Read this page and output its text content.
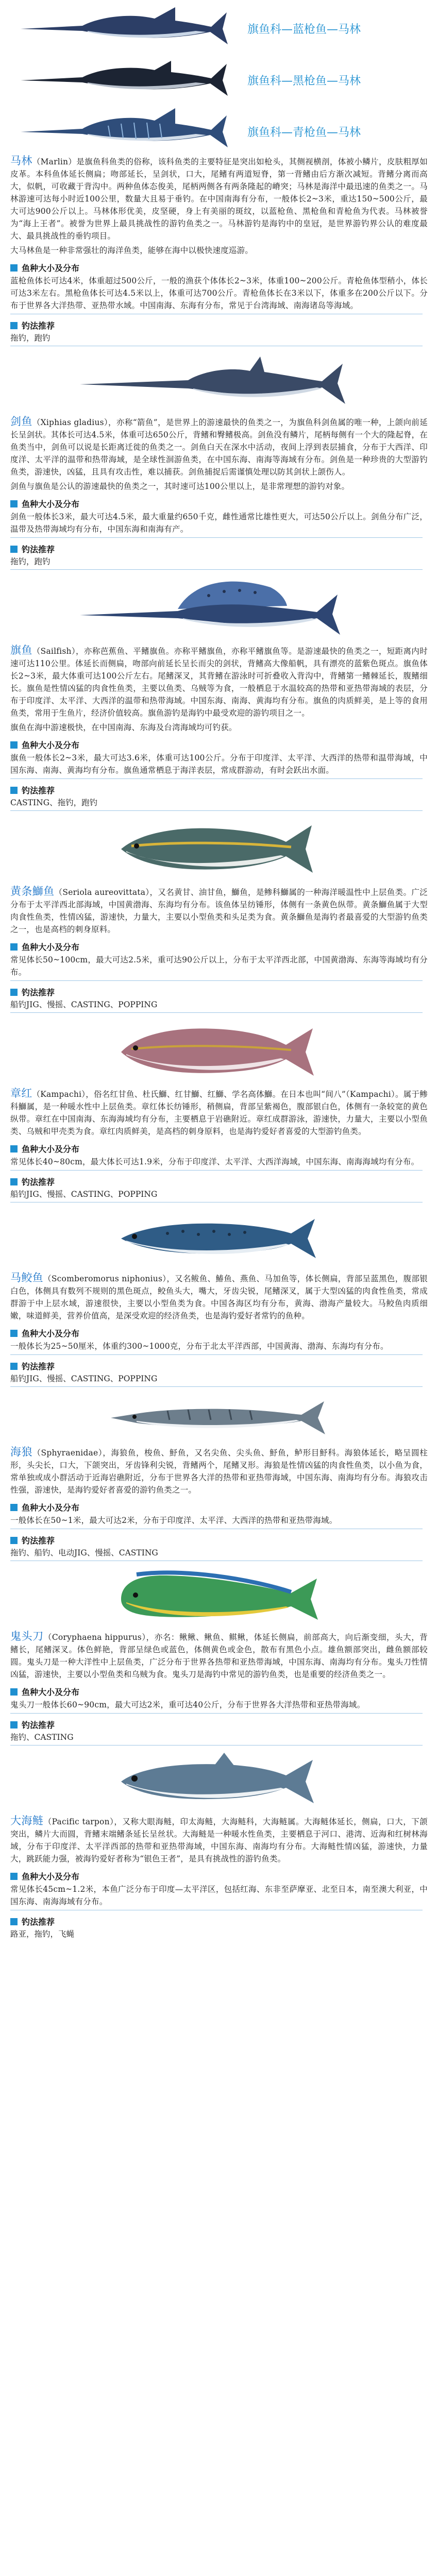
旗鱼科—蓝枪鱼—马林
旗鱼科—黑枪鱼—马林
旗鱼科—青枪鱼—马林

马林（Marlin）是旗鱼科鱼类的俗称，该科鱼类的主要特征是突出如枪头，其侧视横剖，体被小鳞片，皮肤粗厚如皮革。本科鱼体延长侧扁；吻部延长，呈剑状，口大，尾鳍有两道短脊，第一背鳍由后方渐次减短。背鳍分离而高大，似帆，可收藏于背沟中。两种鱼体态俊美，尾柄两侧各有两条隆起的嵴突；马林是海洋中最迅速的鱼类之一。马林游速可达每小时近100公里，数量大且易于垂钓。在中国南海有分布，一般体长2~3米，重达150~500公斤，最大可达900公斤以上。马林体形优美，皮坚硬，身上有美丽的斑纹，以蓝枪鱼、黑枪鱼和青枪鱼为代表。马林被誉为“海上王者”。被誉为世界上最具挑战性的游钓鱼类之一。马林游钓是海钓中的皇冠，是世界游钓界公认的难度最大、最具挑战性的垂钓项目。

大马林鱼是一种非常强壮的海洋鱼类，能够在海中以极快速度巡游。

鱼种大小及分布

蓝枪鱼体长可达4米，体重超过500公斤，一般的渔获个体体长2~3米，体重100~200公斤。青枪鱼体型稍小，体长可达3米左右。黑枪鱼体长可达4.5米以上，体重可达700公斤。青枪鱼体长在3米以下，体重多在200公斤以下。分布于世界各大洋热带、亚热带水域。中国南海、东海有分布，常见于台湾海域、南海诸岛等海域。

钓法推荐

拖钓，跑钓

剑鱼（Xiphias gladius），亦称“箭鱼”，是世界上的游速最快的鱼类之一，为旗鱼科剑鱼属的唯一种，上颌向前延长呈剑状。其体长可达4.5米，体重可达650公斤，背鳍和臀鳍极高。剑鱼没有鳞片，尾柄每侧有一个大的隆起脊，在鱼类当中，剑鱼可以说是长距离迁徙的鱼类之一。剑鱼白天在深水中活动，夜间上浮到表层捕食，分布于大西洋、印度洋、太平洋的温带和热带海域，是全球性洄游鱼类，在中国东海、南海等海域有分布。剑鱼是一种珍贵的大型游钓鱼类，游速快，凶猛，且具有攻击性，难以捕获。剑鱼捕捉后需谨慎处理以防其剑状上颌伤人。

剑鱼与旗鱼是公认的游速最快的鱼类之一，其时速可达100公里以上，是非常理想的游钓对象。

鱼种大小及分布

剑鱼一般体长3米，最大可达4.5米，最大重量约650千克，雌性通常比雄性更大，可达50公斤以上。剑鱼分布广泛，温带及热带海域均有分布，中国东海和南海有产。

钓法推荐

拖钓，跑钓

旗鱼（Sailfish），亦称芭蕉鱼、平鳍旗鱼。亦称平鳍旗鱼，亦称平鳍旗鱼等。是游速最快的鱼类之一，短距离内时速可达110公里。体延长而侧扁，吻部向前延长呈长而尖的剑状，背鳍高大像船帆，具有漂亮的蓝紫色斑点。旗鱼体长2~3米，最大体重可达100公斤左右。尾鳍深叉，其背鳍在游泳时可折叠收入背沟中，背鳍第一鳍棘延长，腹鳍细长。旗鱼是性情凶猛的肉食性鱼类，主要以鱼类、乌贼等为食，一般栖息于水温较高的热带和亚热带海域的表层，分布于印度洋、太平洋、大西洋的温带和热带海域。中国东海、南海、黄海均有分布。旗鱼的肉质鲜美，是上等的食用鱼类，常用于生鱼片，经济价值较高。旗鱼游钓是海钓中最受欢迎的游钓项目之一。

旗鱼在海中游速极快，在中国南海、东海及台湾海域均可钓获。

鱼种大小及分布

旗鱼一般体长2~3米，最大可达3.6米，体重可达100公斤。分布于印度洋、太平洋、大西洋的热带和温带海域，中国东海、南海、黄海均有分布。旗鱼通常栖息于海洋表层，常成群游动，有时会跃出水面。

钓法推荐

CASTING、拖钓，跑钓

黄条鰤鱼（Seriola aureovittata），又名黄甘、油甘鱼，鰤鱼，是鲹科鰤属的一种海洋暖温性中上层鱼类。广泛分布于太平洋西北部海域，中国黄渤海、东海均有分布。该鱼体呈纺锤形，体侧有一条黄色纵带。黄条鰤鱼属于大型肉食性鱼类，性情凶猛，游速快，力量大，主要以小型鱼类和头足类为食。黄条鰤鱼是海钓者最喜爱的大型游钓鱼类之一，也是高档的刺身原料。

鱼种大小及分布

常见体长50~100cm，最大可达2.5米，重可达90公斤以上，分布于太平洋西北部，中国黄渤海、东海等海域均有分布。

钓法推荐

船钓JIG、慢摇、CASTING、POPPING

章红（Kampachi），俗名红甘鱼、杜氏鰤、红甘鰤、红鰤、学名高体鰤。在日本也叫“间八”（Kampachi）。属于鲹科鰤属，是一种暖水性中上层鱼类。章红体长纺锤形，稍侧扁，背部呈紫褐色，腹部银白色，体侧有一条较宽的黄色纵带。章红在中国南海、东海海域均有分布，主要栖息于岩礁附近。章红成群游泳，游速快，力量大，主要以小型鱼类、乌贼和甲壳类为食。章红肉质鲜美，是高档的刺身原料，也是海钓爱好者喜爱的大型游钓鱼类。

鱼种大小及分布

常见体长40~80cm，最大体长可达1.9米，分布于印度洋、太平洋、大西洋海域，中国东海、南海海域均有分布。

钓法推荐

船钓JIG、慢摇、CASTING、POPPING

马鲛鱼（Scomberomorus niphonius），又名鲅鱼、鰆鱼、燕鱼、马加鱼等，体长侧扁，背部呈蓝黑色，腹部银白色，体侧具有数列不规则的黑色斑点，鲛鱼头大，嘴大，牙齿尖锐，尾鳍深叉，属于大型凶猛的肉食性鱼类，常成群游于中上层水域，游速很快，主要以小型鱼类为食。中国各海区均有分布，黄海、渤海产量较大。马鲛鱼肉质细嫩，味道鲜美，营养价值高，是深受欢迎的经济鱼类，也是海钓爱好者常钓的鱼种。

鱼种大小及分布

一般体长为25~50厘米，体重约300~1000克，分布于北太平洋西部，中国黄海、渤海、东海均有分布。

钓法推荐

船钓JIG、慢摇、CASTING、POPPING

海狼（Sphyraenidae），海狼鱼，梭鱼、魣鱼，又名尖鱼、尖头鱼、魣鱼，鲈形目魣科。海狼体延长，略呈圆柱形，头尖长，口大，下颌突出，牙齿锋利尖锐，背鳍两个，尾鳍叉形。海狼是性情凶猛的肉食性鱼类，以小鱼为食，常单独或成小群活动于近海岩礁附近，分布于世界各大洋的热带和亚热带海域，中国东海、南海均有分布。海狼攻击性强，游速快，是海钓爱好者喜爱的游钓鱼类之一。

鱼种大小及分布

一般体长在50~1米，最大可达2米，分布于印度洋、太平洋、大西洋的热带和亚热带海域。

钓法推荐

拖钓、船钓、电动JIG、慢摇、CASTING

鬼头刀（Coryphaena hippurus），亦名：鳅鳅、鳅鱼、鲯鳅，体延长侧扁，前部高大，向后渐变细，头大，背鳍长，尾鳍深叉。体色鲜艳，背部呈绿色或蓝色，体侧黄色或金色，散布有黑色小点。雄鱼额部突出，雌鱼额部较圆。鬼头刀是一种大洋性中上层鱼类，广泛分布于世界各热带和亚热带海域，中国东海、南海均有分布。鬼头刀性情凶猛，游速快，主要以小型鱼类和乌贼为食。鬼头刀是海钓中常见的游钓鱼类，也是重要的经济鱼类之一。

鱼种大小及分布

鬼头刀一般体长60~90cm，最大可达2米，重可达40公斤，分布于世界各大洋热带和亚热带海域。

钓法推荐

拖钓、CASTING

大海鲢（Pacific tarpon），又称大眼海鲢，印太海鲢，大海鲢科，大海鲢属。大海鲢体延长，侧扁，口大，下颌突出，鳞片大而圆，背鳍末端鳍条延长呈丝状。大海鲢是一种暖水性鱼类，主要栖息于河口、港湾、近海和红树林海域，分布于印度洋、太平洋西部的热带和亚热带海域，中国东海、南海均有分布。大海鲢性情凶猛，游速快，力量大，跳跃能力强，被海钓爱好者称为“银色王者”，是具有挑战性的游钓鱼类。

鱼种大小及分布

常见体长45cm~1.2米，本鱼广泛分布于印度—太平洋区，包括红海、东非至萨摩亚、北至日本，南至澳大利亚，中国东海、南海海域有分布。

钓法推荐

路亚，拖钓，飞蝇
